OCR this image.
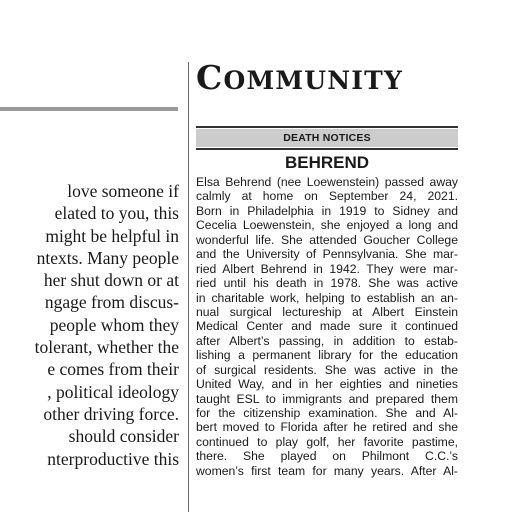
love someone if
elated to you, this
might be helpful in
ntexts. Many people
her shut down or at
ngage from discus-
people whom they
tolerant, whether the
e comes from their
, political ideology
other driving force.
should consider
nterproductive this
COMMUNITY
DEATH NOTICES
BEHREND
Elsa Behrend (nee Loewenstein) passed away
calmly at home on September 24, 2021.
Born in Philadelphia in 1919 to Sidney and
Cecelia Loewenstein, she enjoyed a long and
wonderful life. She attended Goucher College
and the University of Pennsylvania. She mar-
ried Albert Behrend in 1942. They were mar-
ried until his death in 1978. She was active
in charitable work, helping to establish an an-
nual surgical lectureship at Albert Einstein
Medical Center and made sure it continued
after Albert’s passing, in addition to estab-
lishing a permanent library for the education
of surgical residents. She was active in the
United Way, and in her eighties and nineties
taught ESL to immigrants and prepared them
for the citizenship examination. She and Al-
bert moved to Florida after he retired and she
continued to play golf, her favorite pastime,
there. She played on Philmont C.C.’s
women’s first team for many years. After Al-
